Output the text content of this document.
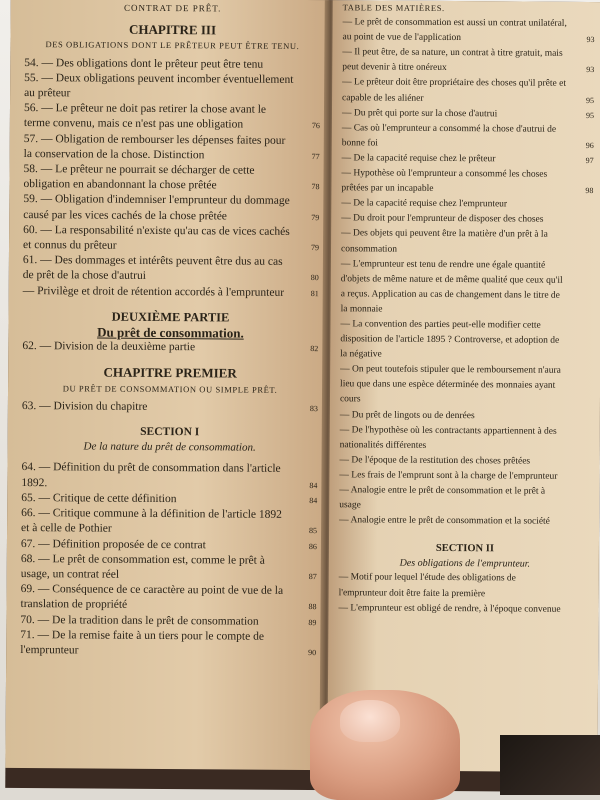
CONTRAT DE PRÊT.
CHAPITRE III
DES OBLIGATIONS DONT LE PRÊTEUR PEUT ÊTRE TENU.
54. — Des obligations dont le prêteur peut être tenu
55. — Deux obligations peuvent incomber éventuellement au prêteur
56. — Le prêteur ne doit pas retirer la chose avant le terme convenu, mais ce n'est pas une obligation	76
57. — Obligation de rembourser les dépenses faites pour la conservation de la chose. Distinction	77
58. — Le prêteur ne pourrait se décharger de cette obligation en abandonnant la chose prêtée	78
59. — Obligation d'indemniser l'emprunteur du dommage causé par les vices cachés de la chose prêtée	79
60. — La responsabilité n'existe qu'au cas de vices cachés et connus du prêteur	79
61. — Des dommages et intérêts peuvent être dus au cas de prêt de la chose d'autrui	80
— Privilège et droit de rétention accordés à l'emprunteur	81
DEUXIÈME PARTIE
Du prêt de consommation.
62. — Division de la deuxième partie	82
CHAPITRE PREMIER
DU PRÊT DE CONSOMMATION OU SIMPLE PRÊT.
63. — Division du chapitre	83
SECTION I
De la nature du prêt de consommation.
64. — Définition du prêt de consommation dans l'article 1892.	84
65. — Critique de cette définition	84
66. — Critique commune à la définition de l'article 1892 et à celle de Pothier	85
67. — Définition proposée de ce contrat	86
68. — Le prêt de consommation est, comme le prêt à usage, un contrat réel	87
69. — Conséquence de ce caractère au point de vue de la translation de propriété	88
70. — De la tradition dans le prêt de consommation	89
71. — De la remise faite à un tiers pour le compte de l'emprunteur	90
TABLE DES MATIÈRES.
— Le prêt de consommation est aussi un contrat unilatéral, au point de vue de l'application	93
— Il peut être, de sa nature, un contrat à titre gratuit, mais peut devenir à titre onéreux	93
— Le prêteur doit être propriétaire des choses qu'il prête et capable de les aliéner	95
— Du prêt qui porte sur la chose d'autrui	95
— Cas où l'emprunteur a consommé la chose d'autrui de bonne foi	96
— De la capacité requise chez le prêteur	97
— Hypothèse où l'emprunteur a consommé les choses prêtées par un incapable	98
— De la capacité requise chez l'emprunteur
— Du droit pour l'emprunteur de disposer des choses
— Des objets qui peuvent être la matière d'un prêt à la consommation
— L'emprunteur est tenu de rendre une égale quantité d'objets de même nature et de même qualité que ceux qu'il a reçus. Application au cas de changement dans le titre de la monnaie
— La convention des parties peut-elle modifier cette disposition de l'article 1895 ? Controverse, et adoption de la négative
— On peut toutefois stipuler que le remboursement n'aura lieu que dans une espèce déterminée des monnaies ayant cours
— Du prêt de lingots ou de denrées
— De l'hypothèse où les contractants appartiennent à des nationalités différentes
— De l'époque de la restitution des choses prêtées
— Les frais de l'emprunt sont à la charge de l'emprunteur
— Analogie entre le prêt de consommation et le prêt à usage
— Analogie entre le prêt de consommation et la société
SECTION II
Des obligations de l'emprunteur.
— Motif pour lequel l'étude des obligations de l'emprunteur doit être faite la première
— L'emprunteur est obligé de rendre, à l'époque convenue
